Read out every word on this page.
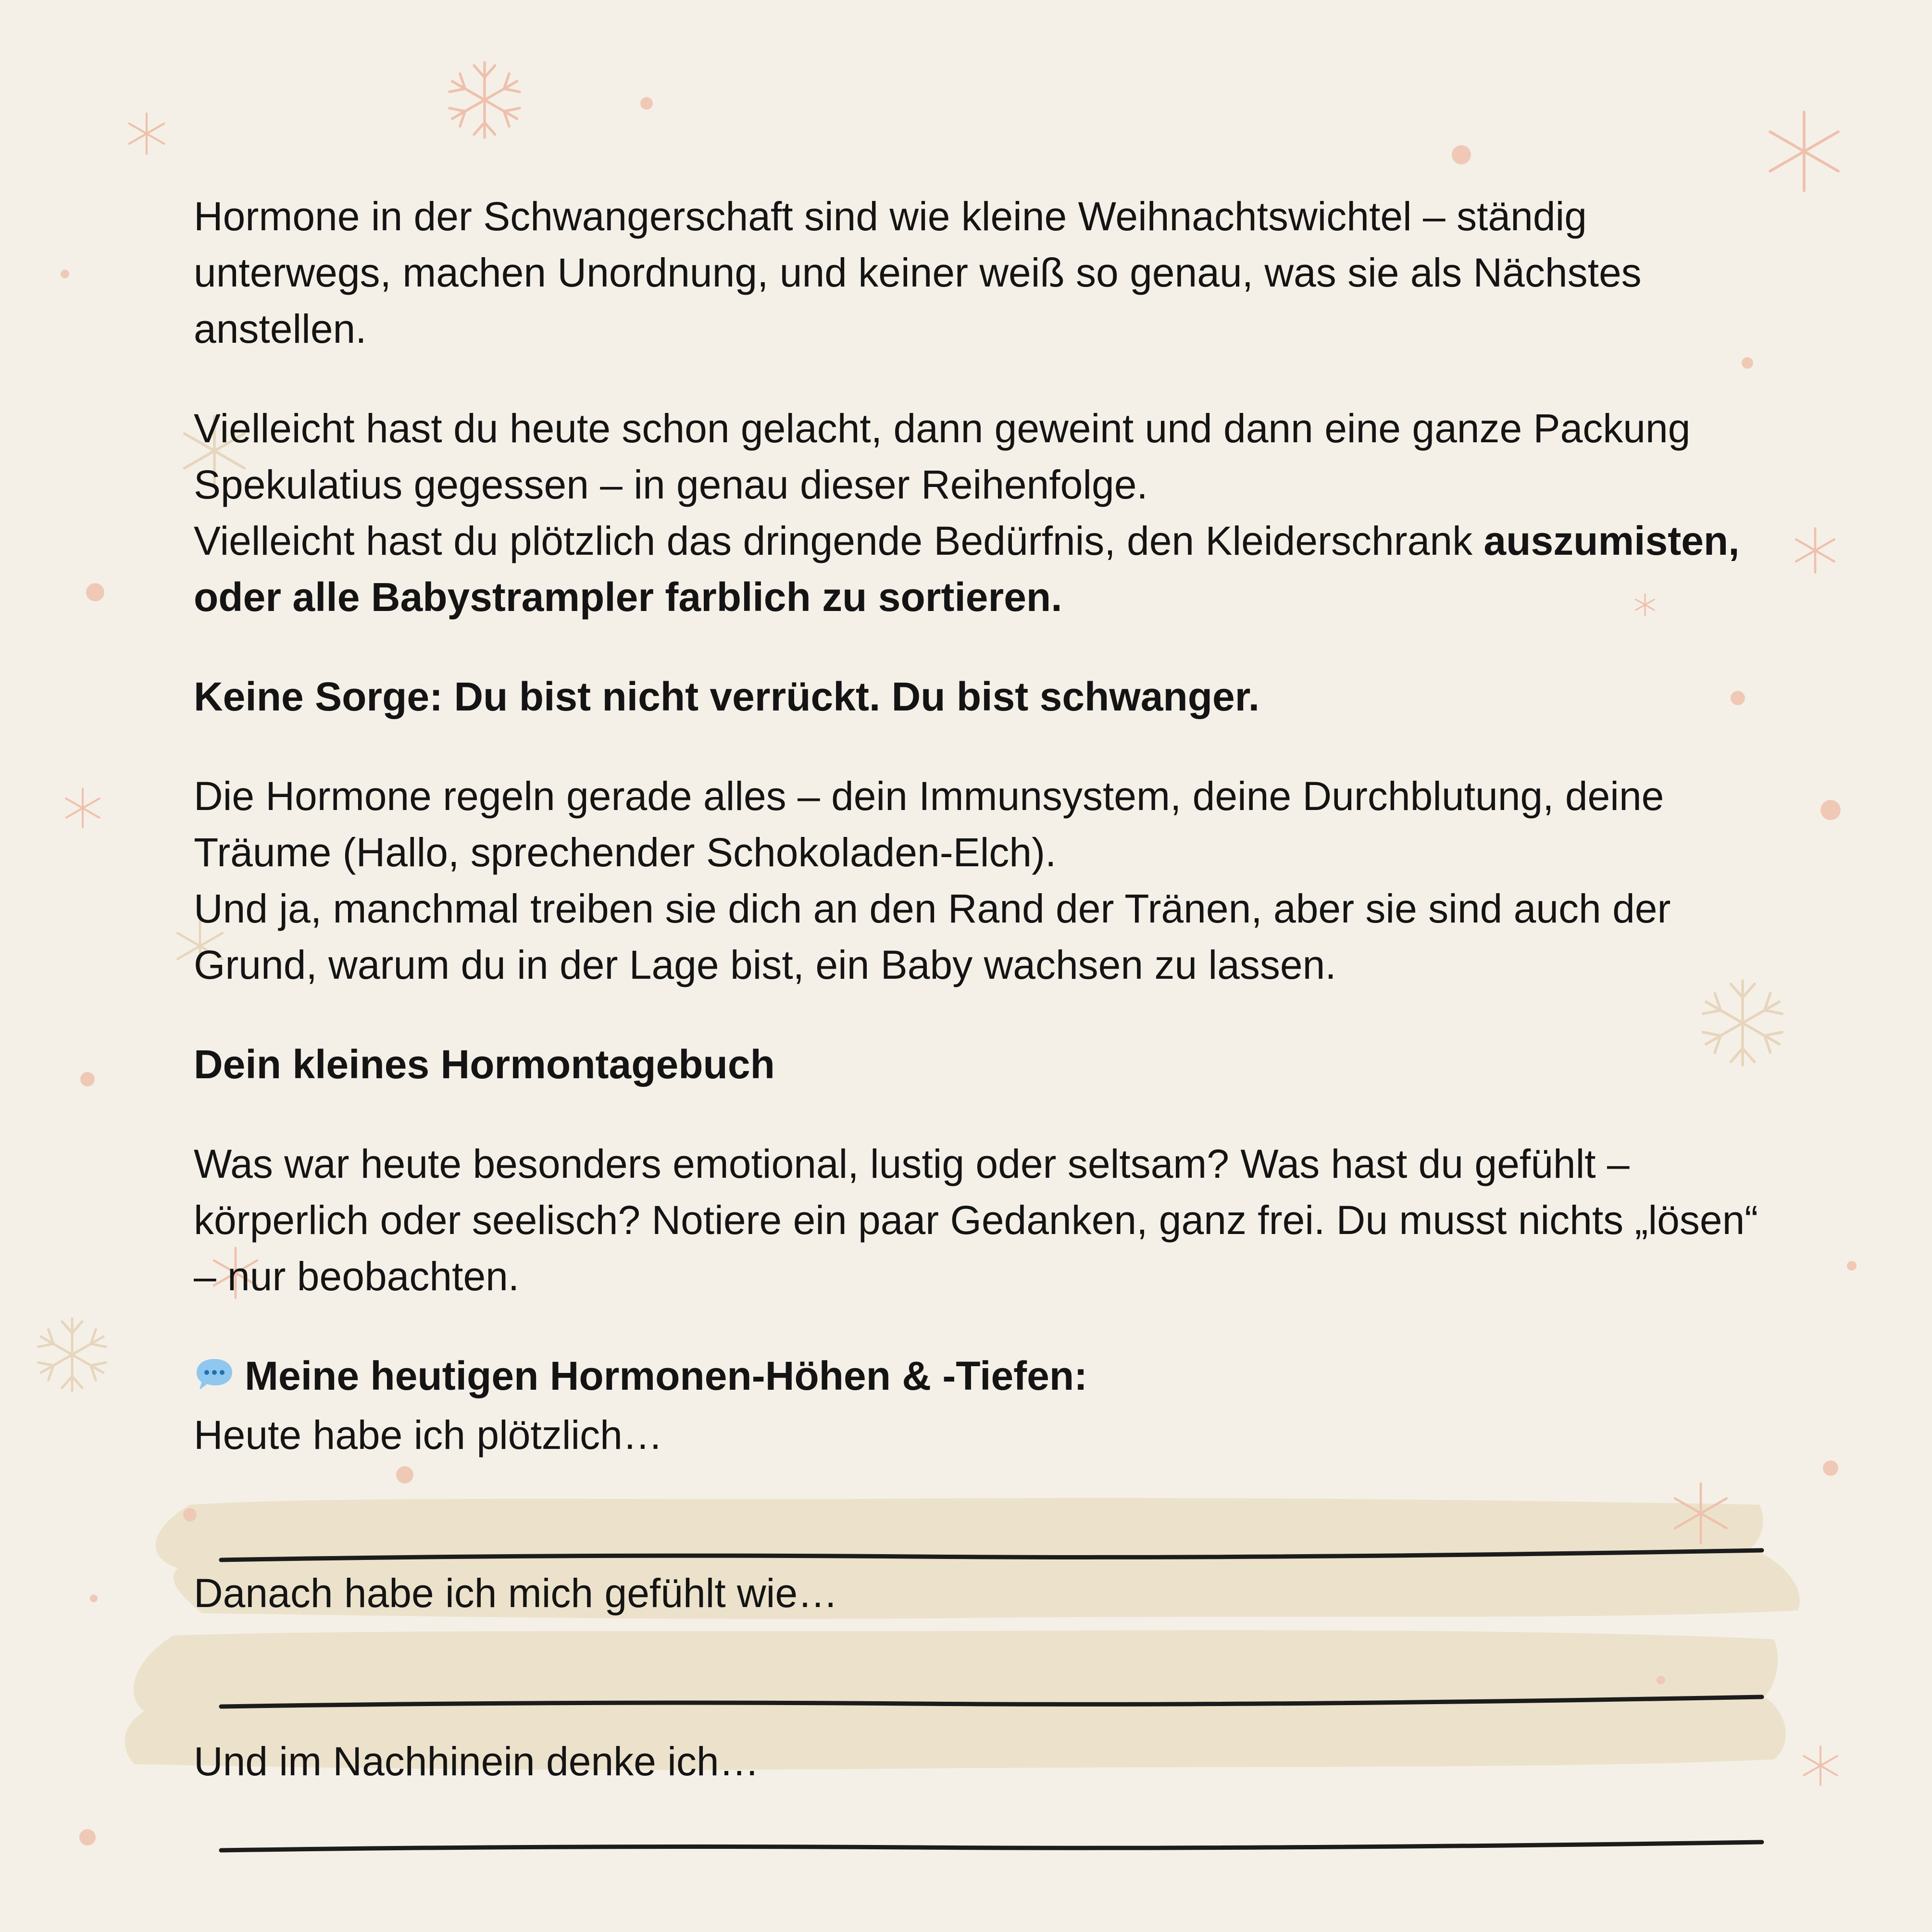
Hormone in der Schwangerschaft sind wie kleine Weihnachtswichtel – ständig unterwegs, machen Unordnung, und keiner weiß so genau, was sie als Nächstes anstellen.

Vielleicht hast du heute schon gelacht, dann geweint und dann eine ganze Packung Spekulatius gegessen – in genau dieser Reihenfolge.
Vielleicht hast du plötzlich das dringende Bedürfnis, den Kleiderschrank auszumisten, oder alle Babystrampler farblich zu sortieren.

Keine Sorge: Du bist nicht verrückt. Du bist schwanger.

Die Hormone regeln gerade alles – dein Immunsystem, deine Durchblutung, deine Träume (Hallo, sprechender Schokoladen-Elch).
Und ja, manchmal treiben sie dich an den Rand der Tränen, aber sie sind auch der Grund, warum du in der Lage bist, ein Baby wachsen zu lassen.

Dein kleines Hormontagebuch

Was war heute besonders emotional, lustig oder seltsam? Was hast du gefühlt – körperlich oder seelisch? Notiere ein paar Gedanken, ganz frei. Du musst nichts „lösen“ – nur beobachten.

Meine heutigen Hormonen-Höhen & -Tiefen:
Heute habe ich plötzlich…
Danach habe ich mich gefühlt wie…
Und im Nachhinein denke ich…
